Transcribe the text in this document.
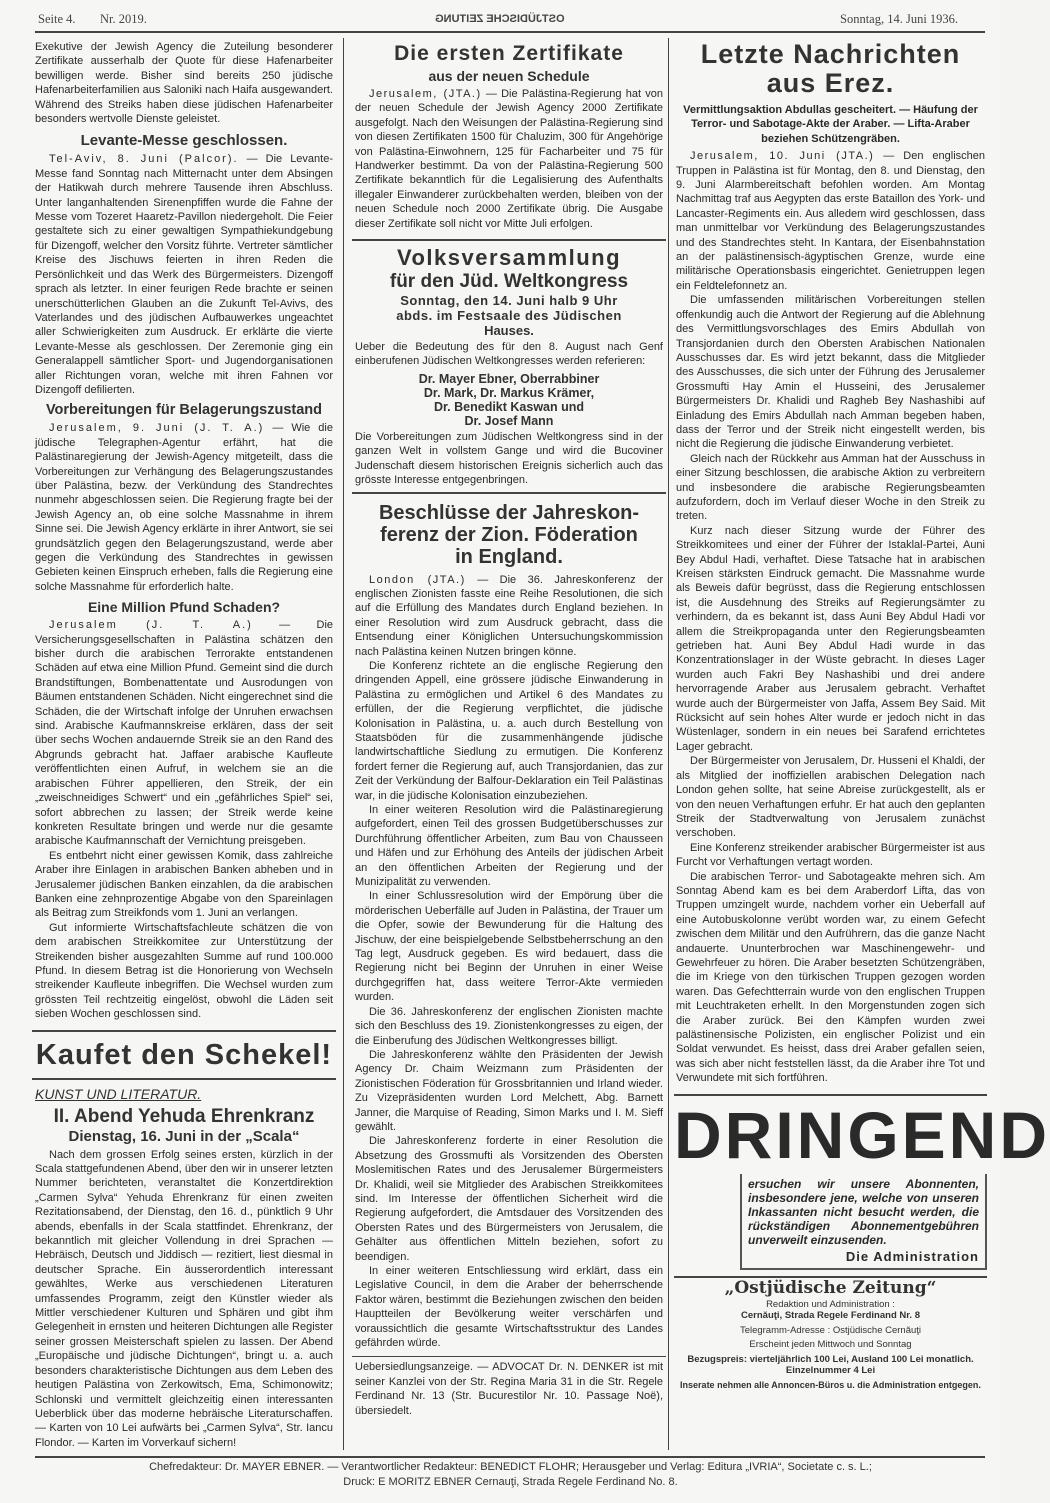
Seite 4. Nr. 2019.	OSTJÜDISCHE ZEITUNG	Sonntag, 14. Juni 1936.
Exekutive der Jewish Agency die Zuteilung besonderer Zertifikate ausserhalb der Quote für diese Hafenarbeiter bewilligen werde. Bisher sind bereits 250 jüdische Hafenarbeiterfamilien aus Saloniki nach Haifa ausgewandert. Während des Streiks haben diese jüdischen Hafenarbeiter besonders wertvolle Dienste geleistet.
Levante-Messe geschlossen.

Tel-Aviv, 8. Juni (Palcor). — Die Levante-Messe fand Sonntag nach Mitternacht unter dem Absingen der Hatikwah durch mehrere Tausende ihren Abschluss. Unter langanhaltenden Sirenenpfiffen wurde die Fahne der Messe vom Tozeret Haaretz-Pavillon niedergeholt. Die Feier gestaltete sich zu einer gewaltigen Sympathiekundgebung für Dizengoff, welcher den Vorsitz führte. Vertreter sämtlicher Kreise des Jischuws feierten in ihren Reden die Persönlichkeit und das Werk des Bürgermeisters. Dizengoff sprach als letzter. In einer feurigen Rede brachte er seinen unerschütterlichen Glauben an die Zukunft Tel-Avivs, des Vaterlandes und des jüdischen Aufbauwerkes ungeachtet aller Schwierigkeiten zum Ausdruck. Er erklärte die vierte Levante-Messe als geschlossen. Der Zeremonie ging ein Generalappell sämtlicher Sport- und Jugendorganisationen aller Richtungen voran, welche mit ihren Fahnen vor Dizengoff defilierten.

Vorbereitungen für Belagerungszustand

Jerusalem, 9. Juni (J. T. A.) — Wie die jüdische Telegraphen-Agentur erfährt, hat die Palästinaregierung der Jewish-Agency mitgeteilt, dass die Vorbereitungen zur Verhängung des Belagerungszustandes über Palästina, bezw. der Verkündung des Standrechtes nunmehr abgeschlossen seien. Die Regierung fragte bei der Jewish Agency an, ob eine solche Massnahme in ihrem Sinne sei. Die Jewish Agency erklärte in ihrer Antwort, sie sei grundsätzlich gegen den Belagerungszustand, werde aber gegen die Verkündung des Standrechtes in gewissen Gebieten keinen Einspruch erheben, falls die Regierung eine solche Massnahme für erforderlich halte.

Eine Million Pfund Schaden?

Jerusalem (J. T. A.) — Die Versicherungsgesellschaften in Palästina schätzen den bisher durch die arabischen Terrorakte entstandenen Schäden auf etwa eine Million Pfund. Gemeint sind die durch Brandstiftungen, Bombenattentate und Ausrodungen von Bäumen entstandenen Schäden. Nicht eingerechnet sind die Schäden, die der Wirtschaft infolge der Unruhen erwachsen sind. Arabische Kaufmannskreise erklären, dass der seit über sechs Wochen andauernde Streik sie an den Rand des Abgrunds gebracht hat. Jaffaer arabische Kaufleute veröffentlichten einen Aufruf, in welchem sie an die arabischen Führer appellieren, den Streik, der ein „zweischneidiges Schwert“ und ein „gefährliches Spiel“ sei, sofort abbrechen zu lassen; der Streik werde keine konkreten Resultate bringen und werde nur die gesamte arabische Kaufmannschaft der Vernichtung preisgeben.

Es entbehrt nicht einer gewissen Komik, dass zahlreiche Araber ihre Einlagen in arabischen Banken abheben und in Jerusalemer jüdischen Banken einzahlen, da die arabischen Banken eine zehnprozentige Abgabe von den Spareinlagen als Beitrag zum Streikfonds vom 1. Juni an verlangen.

Gut informierte Wirtschaftsfachleute schätzen die von dem arabischen Streikkomitee zur Unterstützung der Streikenden bisher ausgezahlten Summe auf rund 100.000 Pfund. In diesem Betrag ist die Honorierung von Wechseln streikender Kaufleute inbegriffen. Die Wechsel wurden zum grössten Teil rechtzeitig eingelöst, obwohl die Läden seit sieben Wochen geschlossen sind.

Kaufet den Schekel!
KUNST UND LITERATUR.
II. Abend Yehuda Ehrenkranz
Dienstag, 16. Juni in der „Scala“

Nach dem grossen Erfolg seines ersten, kürzlich in der Scala stattgefundenen Abend, über den wir in unserer letzten Nummer berichteten, veranstaltet die Konzertdirektion „Carmen Sylva“ Yehuda Ehrenkranz für einen zweiten Rezitationsabend, der Dienstag, den 16. d., pünktlich 9 Uhr abends, ebenfalls in der Scala stattfindet. Ehrenkranz, der bekanntlich mit gleicher Vollendung in drei Sprachen — Hebräisch, Deutsch und Jiddisch — rezitiert, liest diesmal in deutscher Sprache. Ein äusserordentlich interessant gewähltes, Werke aus verschiedenen Literaturen umfassendes Programm, zeigt den Künstler wieder als Mittler verschiedener Kulturen und Sphären und gibt ihm Gelegenheit in ernsten und heiteren Dichtungen alle Register seiner grossen Meisterschaft spielen zu lassen. Der Abend „Europäische und jüdische Dichtungen“, bringt u. a. auch besonders charakteristische Dichtungen aus dem Leben des heutigen Palästina von Zerkowitsch, Ema, Schimonowitz; Schlonski und vermittelt gleichzeitig einen interessanten Ueberblick über das moderne hebräische Literaturschaffen. — Karten von 10 Lei aufwärts bei „Carmen Sylva“, Str. Iancu Flondor. — Karten im Vorverkauf sichern!

Die ersten Zertifikate
aus der neuen Schedule

Jerusalem, (JTA.) — Die Palästina-Regierung hat von der neuen Schedule der Jewish Agency 2000 Zertifikate ausgefolgt. Nach den Weisungen der Palästina-Regierung sind von diesen Zertifikaten 1500 für Chaluzim, 300 für Angehörige von Palästina-Einwohnern, 125 für Facharbeiter und 75 für Handwerker bestimmt. Da von der Palästina-Regierung 500 Zertifikate bekanntlich für die Legalisierung des Aufenthalts illegaler Einwanderer zurückbehalten werden, bleiben von der neuen Schedule noch 2000 Zertifikate übrig. Die Ausgabe dieser Zertifikate soll nicht vor Mitte Juli erfolgen.

Volksversammlung
für den Jüd. Weltkongress
Sonntag, den 14. Juni halb 9 Uhr
abds. im Festsaale des Jüdischen
Hauses.
Ueber die Bedeutung des für den 8. August nach Genf einberufenen Jüdischen Weltkongresses werden referieren:
Dr. Mayer Ebner, Oberrabbiner
Dr. Mark, Dr. Markus Krämer,
Dr. Benedikt Kaswan und
Dr. Josef Mann
Die Vorbereitungen zum Jüdischen Weltkongress sind in der ganzen Welt in vollstem Gange und wird die Bucoviner Judenschaft diesem historischen Ereignis sicherlich auch das grösste Interesse entgegenbringen.
Beschlüsse der Jahreskon-
ferenz der Zion. Föderation
in England.

London (JTA.) — Die 36. Jahreskonferenz der englischen Zionisten fasste eine Reihe Resolutionen, die sich auf die Erfüllung des Mandates durch England beziehen. In einer Resolution wird zum Ausdruck gebracht, dass die Entsendung einer Königlichen Untersuchungskommission nach Palästina keinen Nutzen bringen könne.

Die Konferenz richtete an die englische Regierung den dringenden Appell, eine grössere jüdische Einwanderung in Palästina zu ermöglichen und Artikel 6 des Mandates zu erfüllen, der die Regierung verpflichtet, die jüdische Kolonisation in Palästina, u. a. auch durch Bestellung von Staatsböden für die zusammenhängende jüdische landwirtschaftliche Siedlung zu ermutigen. Die Konferenz fordert ferner die Regierung auf, auch Transjordanien, das zur Zeit der Verkündung der Balfour-Deklaration ein Teil Palästinas war, in die jüdische Kolonisation einzubeziehen.

In einer weiteren Resolution wird die Palästinaregierung aufgefordert, einen Teil des grossen Budgetüberschusses zur Durchführung öffentlicher Arbeiten, zum Bau von Chausseen und Häfen und zur Erhöhung des Anteils der jüdischen Arbeit an den öffentlichen Arbeiten der Regierung und der Munizipalität zu verwenden.

In einer Schlussresolution wird der Empörung über die mörderischen Ueberfälle auf Juden in Palästina, der Trauer um die Opfer, sowie der Bewunderung für die Haltung des Jischuw, der eine beispielgebende Selbstbeherrschung an den Tag legt, Ausdruck gegeben. Es wird bedauert, dass die Regierung nicht bei Beginn der Unruhen in einer Weise durchgegriffen hat, dass weitere Terror-Akte vermieden wurden.

Die 36. Jahreskonferenz der englischen Zionisten machte sich den Beschluss des 19. Zionistenkongresses zu eigen, der die Einberufung des Jüdischen Weltkongresses billigt.

Die Jahreskonferenz wählte den Präsidenten der Jewish Agency Dr. Chaim Weizmann zum Präsidenten der Zionistischen Föderation für Grossbritannien und Irland wieder. Zu Vizepräsidenten wurden Lord Melchett, Abg. Barnett Janner, die Marquise of Reading, Simon Marks und I. M. Sieff gewählt.

Die Jahreskonferenz forderte in einer Resolution die Absetzung des Grossmufti als Vorsitzenden des Obersten Moslemitischen Rates und des Jerusalemer Bürgermeisters Dr. Khalidi, weil sie Mitglieder des Arabischen Streikkomitees sind. Im Interesse der öffentlichen Sicherheit wird die Regierung aufgefordert, die Amtsdauer des Vorsitzenden des Obersten Rates und des Bürgermeisters von Jerusalem, die Gehälter aus öffentlichen Mitteln beziehen, sofort zu beendigen.

In einer weiteren Entschliessung wird erklärt, dass ein Legislative Council, in dem die Araber der beherrschende Faktor wären, bestimmt die Beziehungen zwischen den beiden Hauptteilen der Bevölkerung weiter verschärfen und voraussichtlich die gesamte Wirtschaftsstruktur des Landes gefährden würde.

Uebersiedlungsanzeige. — ADVOCAT Dr. N. DENKER ist mit seiner Kanzlei von der Str. Regina Maria 31 in die Str. Regele Ferdinand Nr. 13 (Str. Bucurestilor Nr. 10. Passage Noë), übersiedelt.
Letzte Nachrichten
aus Erez.
Vermittlungsaktion Abdullas gescheitert. — Häufung der Terror- und Sabotage-Akte der Araber. — Lifta-Araber beziehen Schützengräben.

Jerusalem, 10. Juni (JTA.) — Den englischen Truppen in Palästina ist für Montag, den 8. und Dienstag, den 9. Juni Alarmbereitschaft befohlen worden. Am Montag Nachmittag traf aus Aegypten das erste Bataillon des York- und Lancaster-Regiments ein. Aus alledem wird geschlossen, dass man unmittelbar vor Verkündung des Belagerungszustandes und des Standrechtes steht. In Kantara, der Eisenbahnstation an der palästinensisch-ägyptischen Grenze, wurde eine militärische Operationsbasis eingerichtet. Genietruppen legen ein Feldtelefonnetz an.

Die umfassenden militärischen Vorbereitungen stellen offenkundig auch die Antwort der Regierung auf die Ablehnung des Vermittlungsvorschlages des Emirs Abdullah von Transjordanien durch den Obersten Arabischen Nationalen Ausschusses dar. Es wird jetzt bekannt, dass die Mitglieder des Ausschusses, die sich unter der Führung des Jerusalemer Grossmufti Hay Amin el Husseini, des Jerusalemer Bürgermeisters Dr. Khalidi und Ragheb Bey Nashashibi auf Einladung des Emirs Abdullah nach Amman begeben haben, dass der Terror und der Streik nicht eingestellt werden, bis nicht die Regierung die jüdische Einwanderung verbietet.

Gleich nach der Rückkehr aus Amman hat der Ausschuss in einer Sitzung beschlossen, die arabische Aktion zu verbreitern und insbesondere die arabische Regierungsbeamten aufzufordern, doch im Verlauf dieser Woche in den Streik zu treten.

Kurz nach dieser Sitzung wurde der Führer des Streikkomitees und einer der Führer der Istaklal-Partei, Auni Bey Abdul Hadi, verhaftet. Diese Tatsache hat in arabischen Kreisen stärksten Eindruck gemacht. Die Massnahme wurde als Beweis dafür begrüsst, dass die Regierung entschlossen ist, die Ausdehnung des Streiks auf Regierungsämter zu verhindern, da es bekannt ist, dass Auni Bey Abdul Hadi vor allem die Streikpropaganda unter den Regierungsbeamten getrieben hat. Auni Bey Abdul Hadi wurde in das Konzentrationslager in der Wüste gebracht. In dieses Lager wurden auch Fakri Bey Nashashibi und drei andere hervorragende Araber aus Jerusalem gebracht. Verhaftet wurde auch der Bürgermeister von Jaffa, Assem Bey Said. Mit Rücksicht auf sein hohes Alter wurde er jedoch nicht in das Wüstenlager, sondern in ein neues bei Sarafend errichtetes Lager gebracht.

Der Bürgermeister von Jerusalem, Dr. Husseni el Khaldi, der als Mitglied der inoffiziellen arabischen Delegation nach London gehen sollte, hat seine Abreise zurückgestellt, als er von den neuen Verhaftungen erfuhr. Er hat auch den geplanten Streik der Stadtverwaltung von Jerusalem zunächst verschoben.

Eine Konferenz streikender arabischer Bürgermeister ist aus Furcht vor Verhaftungen vertagt worden.

Die arabischen Terror- und Sabotageakte mehren sich. Am Sonntag Abend kam es bei dem Araberdorf Lifta, das von Truppen umzingelt wurde, nachdem vorher ein Ueberfall auf eine Autobuskolonne verübt worden war, zu einem Gefecht zwischen dem Militär und den Aufrührern, das die ganze Nacht andauerte. Ununterbrochen war Maschinengewehr- und Gewehrfeuer zu hören. Die Araber besetzten Schützengräben, die im Kriege von den türkischen Truppen gezogen worden waren. Das Gefechtterrain wurde von den englischen Truppen mit Leuchtraketen erhellt. In den Morgenstunden zogen sich die Araber zurück. Bei den Kämpfen wurden zwei palästinensische Polizisten, ein englischer Polizist und ein Soldat verwundet. Es heisst, dass drei Araber gefallen seien, was sich aber nicht feststellen lässt, da die Araber ihre Tot und Verwundete mit sich fortführen.

DRINGEND
ersuchen wir unsere Abonnenten, insbesondere jene, welche von unseren Inkassanten nicht besucht werden, die rückständigen Abonnementgebühren unverweilt einzusenden.
Die Administration
„Ostjüdische Zeitung“
Redaktion und Administration :
Cernăuţi, Strada Regele Ferdinand Nr. 8
Telegramm-Adresse : Ostjüdische Cernăuţi
Erscheint jeden Mittwoch und Sonntag
Bezugspreis: vierteljährlich 100 Lei, Ausland 100 Lei monatlich. Einzelnummer 4 Lei
Inserate nehmen alle Annoncen-Büros u. die Administration entgegen.
Chefredakteur: Dr. MAYER EBNER. — Verantwortlicher Redakteur: BENEDICT FLOHR; Herausgeber und Verlag: Editura „IVRIA“, Societate c. s. L.;
Druck: E MORITZ EBNER Cernauţi, Strada Regele Ferdinand No. 8.
